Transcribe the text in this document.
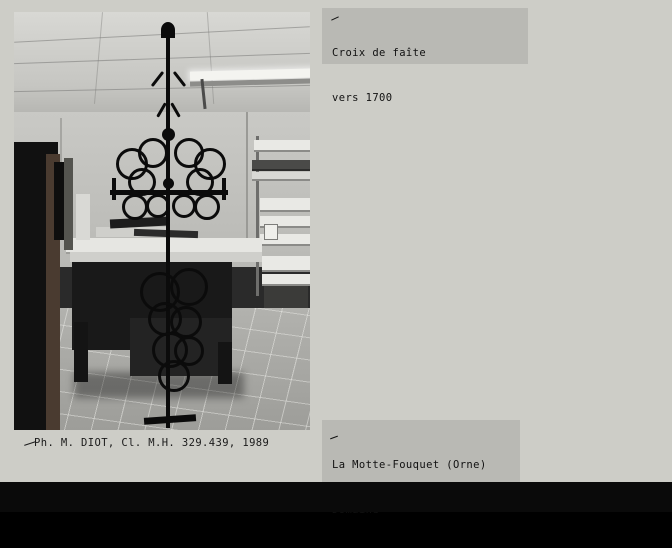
Ph. M. DIOT, Cl. M.H. 329.439, 1989

Croix de faîte

vers 1700

La Motte-Fouquet (Orne)
